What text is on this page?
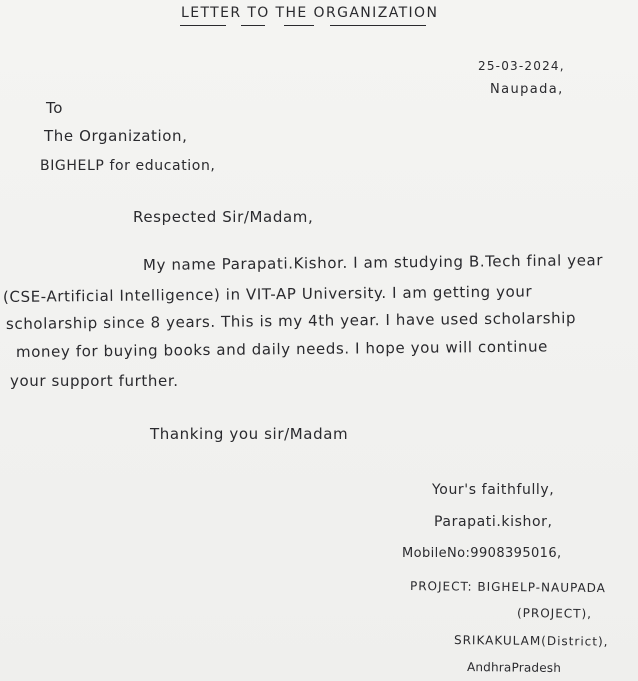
LETTER TO THE ORGANIZATION
25-03-2024,
Naupada,
To
The Organization,
BIGHELP for education,
Respected Sir/Madam,
My name Parapati.Kishor. I am studying B.Tech final year
(CSE-Artificial Intelligence) in VIT-AP University. I am getting your
scholarship since 8 years. This is my 4th year. I have used scholarship
money for buying books and daily needs. I hope you will continue
your support further.
Thanking you sir/Madam
Your's faithfully,
Parapati.kishor,
MobileNo:9908395016,
PROJECT: BIGHELP-NAUPADA
(PROJECT),
SRIKAKULAM(District),
AndhraPradesh
